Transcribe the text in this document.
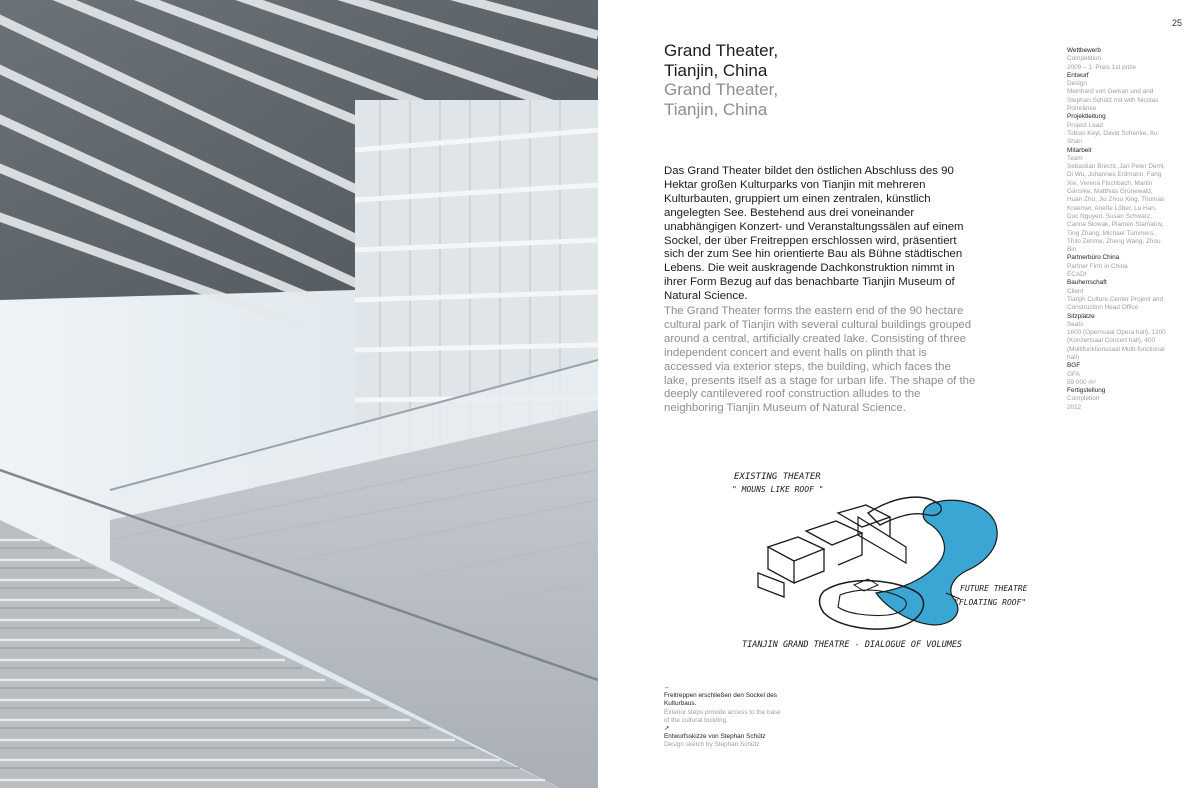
25
Grand Theater,
Tianjin, China
Grand Theater,
Tianjin, China
Das Grand Theater bildet den östlichen Abschluss des 90 Hektar großen Kulturparks von Tianjin mit mehreren Kulturbauten, gruppiert um einen zentralen, künstlich angelegten See. Bestehend aus drei voneinander unabhängigen Konzert- und Veranstaltungssälen auf einem Sockel, der über Freitreppen erschlossen wird, präsentiert sich der zum See hin orientierte Bau als Bühne städtischen Lebens. Die weit auskragende Dachkonstruktion nimmt in ihrer Form Bezug auf das benachbarte Tianjin Museum of Natural Science.
The Grand Theater forms the eastern end of the 90 hectare cultural park of Tianjin with several cultural buildings grouped around a central, artificially created lake. Consisting of three independent concert and event halls on plinth that is accessed via exterior steps, the building, which faces the lake, presents itself as a stage for urban life. The shape of the deeply cantilevered roof construction alludes to the neighboring Tianjin Museum of Natural Science.
Wettbewerb
Competition
2009 – 1. Preis 1st prize
Entwurf
Design
Meinhard von Gerkan und and Stephan Schütz mit with Nicolas Pomränke
Projektleitung
Project Lead
Tobias Keyl, David Schenke, Xu Shan
Mitarbeit
Team
Sebastian Brecht, Jan Peter Deml, Di Wu, Johannes Erdmann, Fang Xie, Verena Fischbach, Martin Gänsike, Matthias Grünewald, Huan Zhu, Jiu Zhou Xing, Thomas Kraemer, Anette Löber, Lu Han, Duc Nguyen, Susan Schwarz, Carina Slowak, Plamen Stamatov, Ting Zhang, Michael Tümmers, Thilo Zehme, Zheng Wang, Zhou Bin
Partnerbüro China
Partner Firm in China
ECADI
Bauherrschaft
Client
Tianjin Culture Center Project and Construction Head Office
Sitzplätze
Seats
1600 (Opernsaal Opera hall), 1200 (Konzertsaal Concert hall), 400 (Multifunktionssaal Multi-functional hall)
BGF
GFA
59 000 m²
Fertigstellung
Completion
2012
EXISTING THEATER
" MOUNS LIKE ROOF "
FUTURE THEATRE
"FLOATING ROOF"
TIANJIN GRAND THEATRE - DIALOGUE OF VOLUMES
←
Freitreppen erschließen den Sockel des Kulturbaus.
Exterior steps provide access to the base of the cultural building.
↗
Entwurfsskizze von Stephan Schütz
Design sketch by Stephan Schütz
